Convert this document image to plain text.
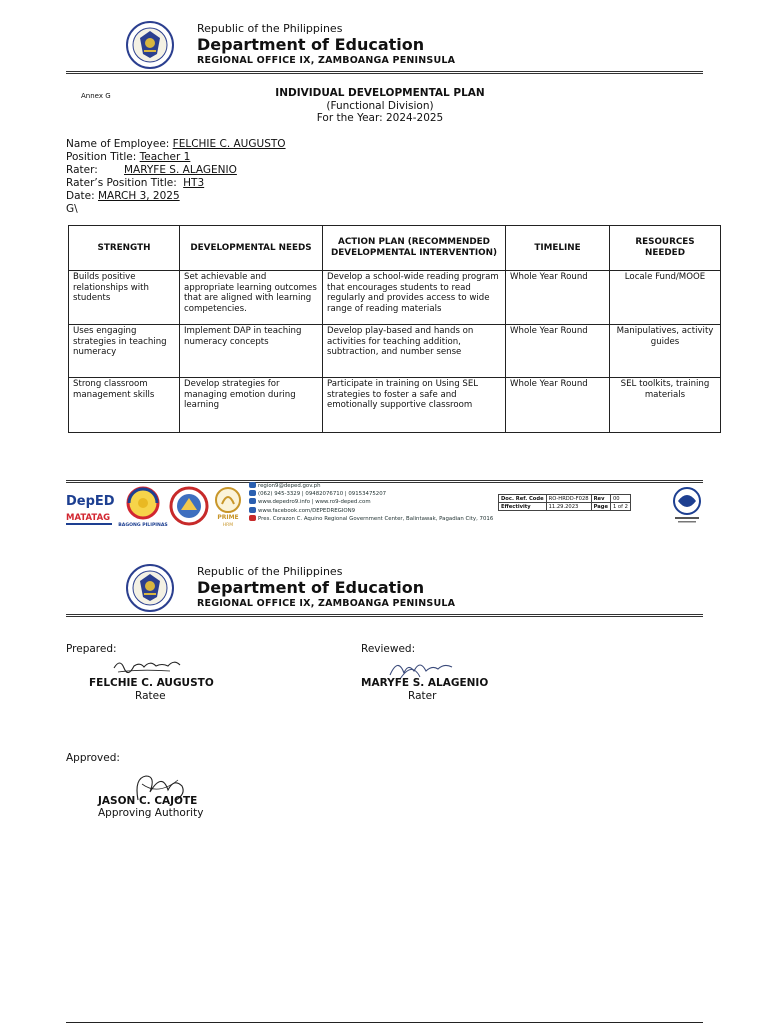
Republic of the Philippines
Department of Education
REGIONAL OFFICE IX, ZAMBOANGA PENINSULA
Annex G	INDIVIDUAL DEVELOPMENTAL PLAN
(Functional Division)
For the Year: 2024-2025
Name of Employee: FELCHIE C. AUGUSTO
Position Title: Teacher 1
Rater:	MARYFE S. ALAGENIO
Rater’s Position Title: HT3
Date: MARCH 3, 2025
G\
STRENGTH	DEVELOPMENTAL NEEDS	ACTION PLAN (RECOMMENDED DEVELOPMENTAL INTERVENTION)	TIMELINE	RESOURCES NEEDED
Builds positive relationships with students	Set achievable and appropriate learning outcomes that are aligned with learning competencies.	Develop a school-wide reading program that encourages students to read regularly and provides access to wide range of reading materials	Whole Year Round	Locale Fund/MOOE
Uses engaging strategies in teaching numeracy	Implement DAP in teaching numeracy concepts	Develop play-based and hands on activities for teaching addition, subtraction, and number sense	Whole Year Round	Manipulatives, activity guides
Strong classroom management skills	Develop strategies for managing emotion during learning	Participate in training on Using SEL strategies to foster a safe and emotionally supportive classroom	Whole Year Round	SEL toolkits, training materials
DepED
MATATAG
BAGONG PILIPINAS
PRIME
HRM
region9@deped.gov.ph
(062) 945-3329 | 09482076710 | 09153475207
www.depedro9.info | www.ro9-deped.com
www.facebook.com/DEPEDREGION9
Pres. Corazon C. Aquino Regional Government Center, Balintawak, Pagadian City, 7016
Doc. Ref. Code	RO-HRDD-F028	Rev	00
Effectivity	11.29.2023	Page	1 of 2
Republic of the Philippines
Department of Education
REGIONAL OFFICE IX, ZAMBOANGA PENINSULA
Prepared:
FELCHIE C. AUGUSTO
Ratee
Reviewed:
MARYFE S. ALAGENIO
Rater
Approved:
JASON C. CAJOTE
Approving Authority
